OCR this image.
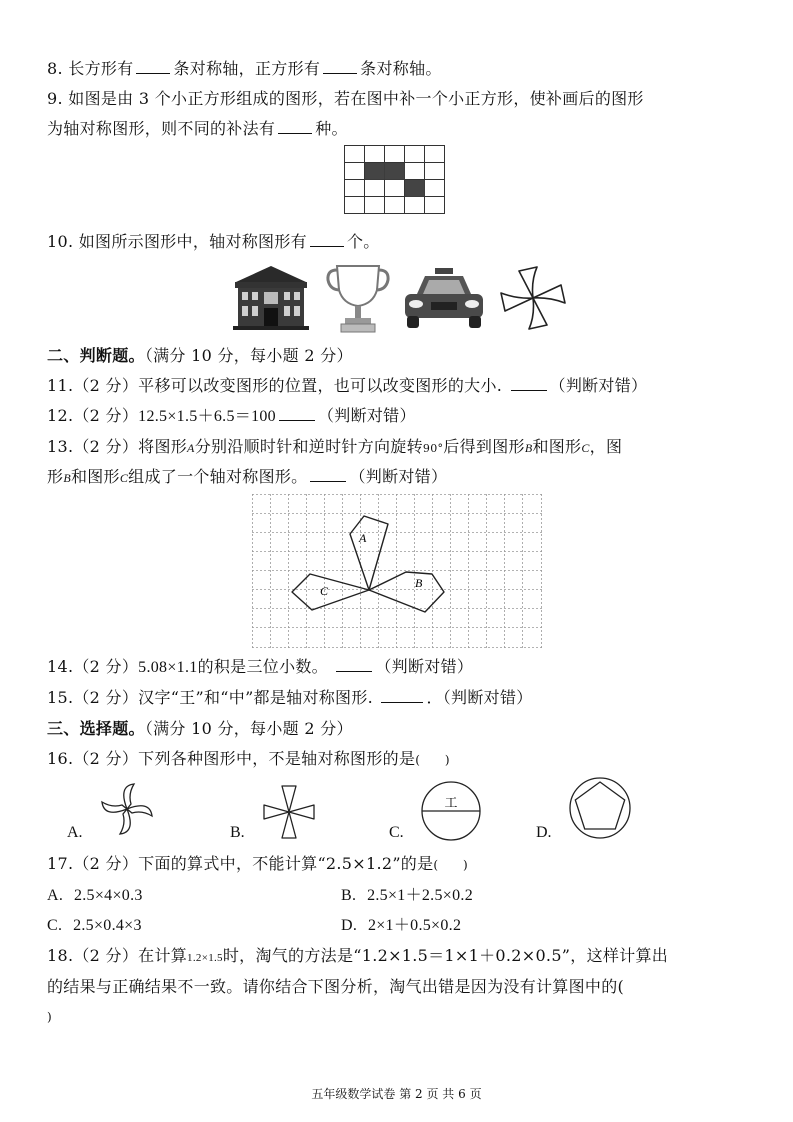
8. 长方形有	条对称轴，正方形有	条对称轴。
9. 如图是由 3 个小正方形组成的图形，若在图中补一个小正方形，使补画后的图形
为轴对称图形，则不同的补法有	种。
10. 如图所示图形中，轴对称图形有	个。
二、判断题。（满分 10 分，每小题 2 分）
11.（2 分）平移可以改变图形的位置，也可以改变图形的大小.	（判断对错）
12.（2 分）12.5×1.5＋6.5＝100	（判断对错）
13.（2 分）将图形A分别沿顺时针和逆时针方向旋转90°后得到图形B和图形C，图
形B和图形C组成了一个轴对称图形。	（判断对错）
A
B
C
14.（2 分）5.08×1.1的积是三位小数。	（判断对错）
15.（2 分）汉字“王”和“中”都是轴对称图形.	．（判断对错）
三、选择题。（满分 10 分，每小题 2 分）
16.（2 分）下列各种图形中，不是轴对称图形的是(　　)
A.	B.
工
C.	D.
17.（2 分）下面的算式中，不能计算“2.5×1.2”的是(　　)
A. 2.5×4×0.3	B. 2.5×1＋2.5×0.2
C. 2.5×0.4×3	D. 2×1＋0.5×0.2
18.（2 分）在计算1.2×1.5时，淘气的方法是“1.2×1.5＝1×1＋0.2×0.5”，这样计算出
的结果与正确结果不一致。请你结合下图分析，淘气出错是因为没有计算图中的(
)
五年级数学试卷 第 2 页 共 6 页
